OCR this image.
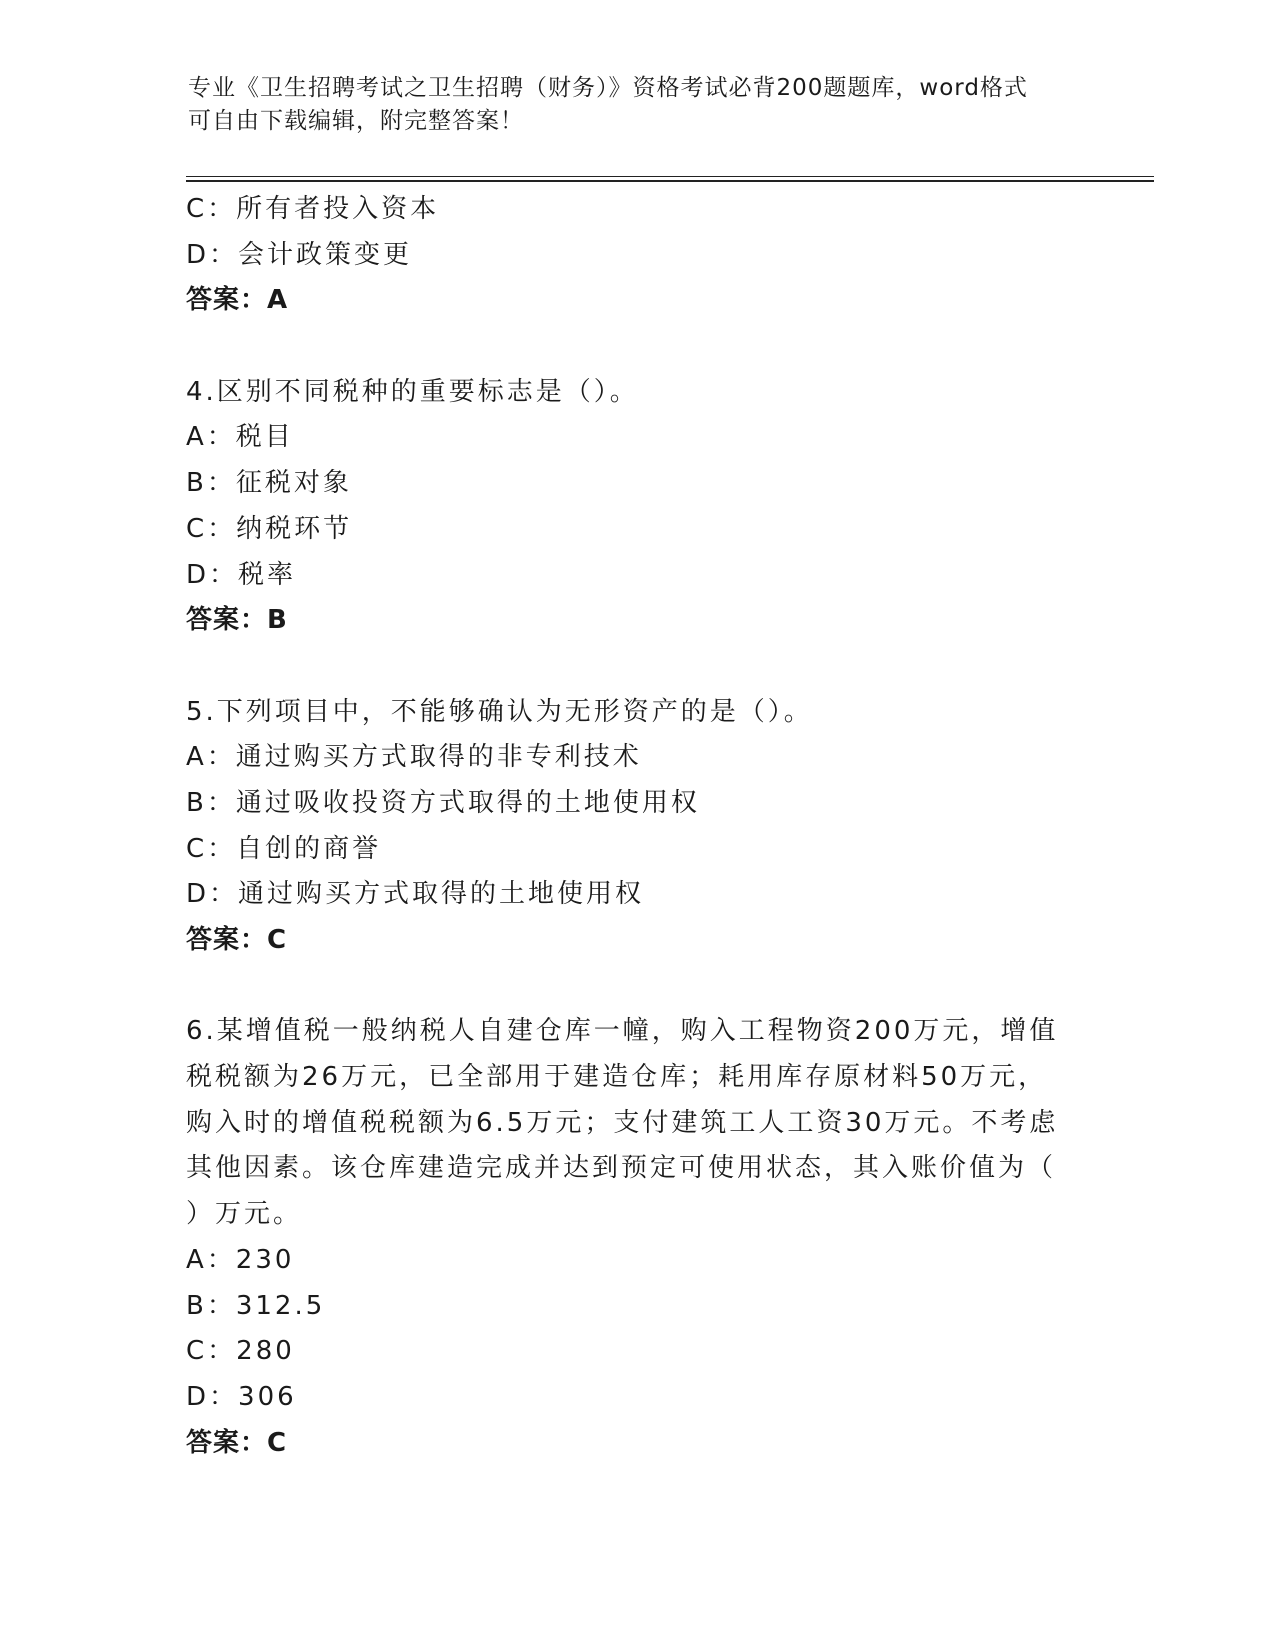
专业《卫生招聘考试之卫生招聘（财务）》资格考试必背200题题库，word格式
可自由下载编辑，附完整答案！
C：所有者投入资本
D：会计政策变更
答案：A
4.区别不同税种的重要标志是（）。
A：税目
B：征税对象
C：纳税环节
D：税率
答案：B
5.下列项目中，不能够确认为无形资产的是（）。
A：通过购买方式取得的非专利技术
B：通过吸收投资方式取得的土地使用权
C：自创的商誉
D：通过购买方式取得的土地使用权
答案：C
6.某增值税一般纳税人自建仓库一幢，购入工程物资200万元，增值
税税额为26万元，已全部用于建造仓库；耗用库存原材料50万元，
购入时的增值税税额为6.5万元；支付建筑工人工资30万元。不考虑
其他因素。该仓库建造完成并达到预定可使用状态，其入账价值为（
）万元。
A：230
B：312.5
C：280
D：306
答案：C
